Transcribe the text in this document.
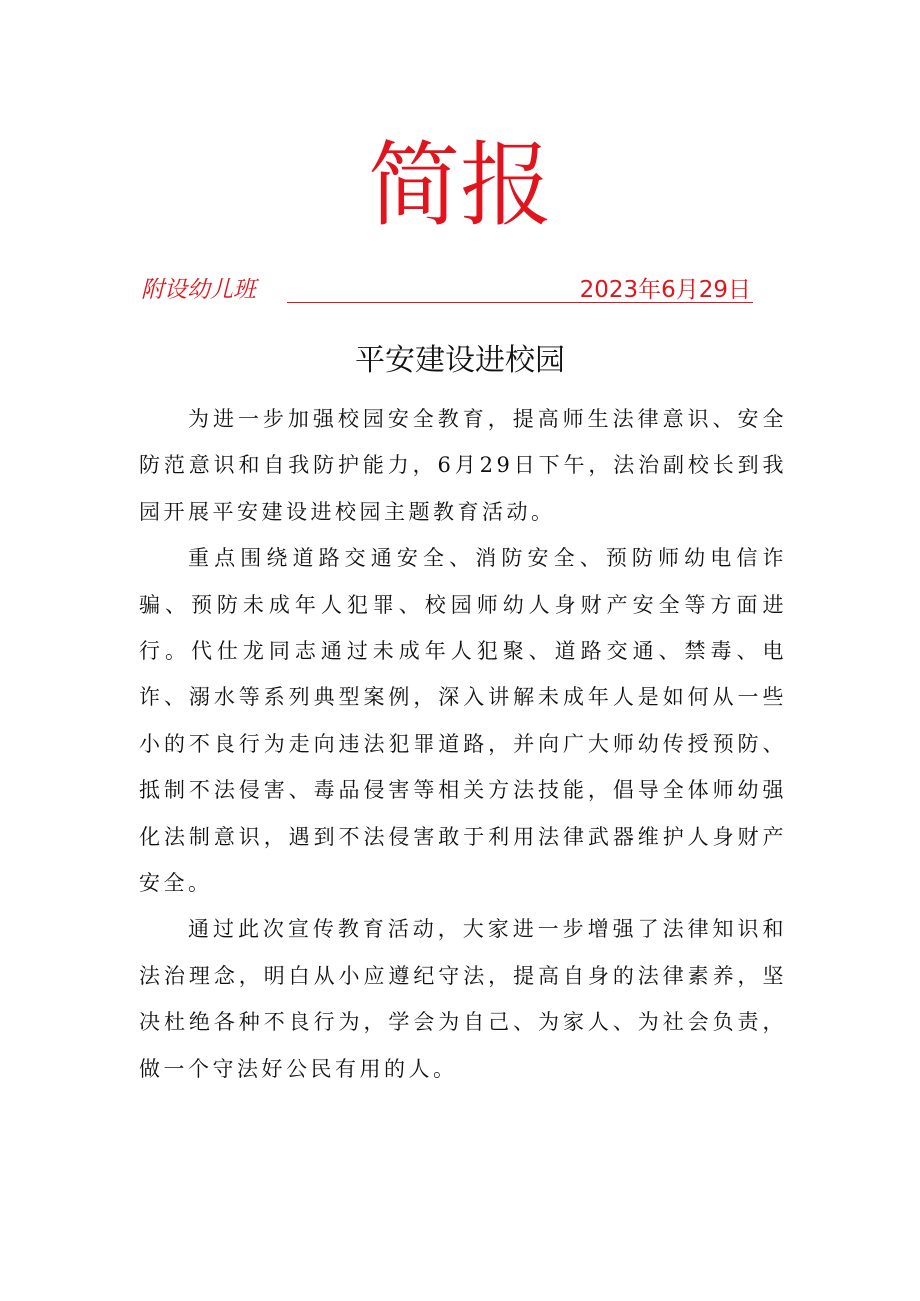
简报
附设幼儿班	2023年6月29日
平安建设进校园

为进一步加强校园安全教育，提高师生法律意识、安全防范意识和自我防护能力，6月29日下午，法治副校长到我园开展平安建设进校园主题教育活动。

重点围绕道路交通安全、消防安全、预防师幼电信诈骗、预防未成年人犯罪、校园师幼人身财产安全等方面进行。代仕龙同志通过未成年人犯聚、道路交通、禁毒、电诈、溺水等系列典型案例，深入讲解未成年人是如何从一些小的不良行为走向违法犯罪道路，并向广大师幼传授预防、抵制不法侵害、毒品侵害等相关方法技能，倡导全体师幼强化法制意识，遇到不法侵害敢于利用法律武器维护人身财产安全。

通过此次宣传教育活动，大家进一步增强了法律知识和法治理念，明白从小应遵纪守法，提高自身的法律素养，坚决杜绝各种不良行为，学会为自己、为家人、为社会负责，做一个守法好公民有用的人。
